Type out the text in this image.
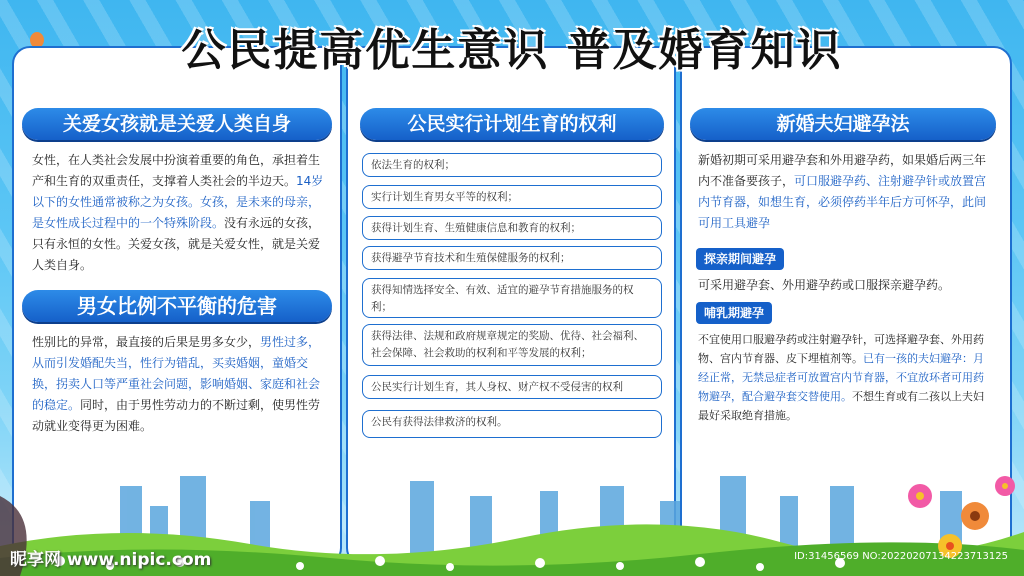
公民提高优生意识 普及婚育知识
关爱女孩就是关爱人类自身
女性，在人类社会发展中扮演着重要的角色，承担着生产和生育的双重责任，支撑着人类社会的半边天。14岁以下的女性通常被称之为女孩。女孩，是未来的母亲，是女性成长过程中的一个特殊阶段。没有永远的女孩，只有永恒的女性。关爱女孩，就是关爱女性，就是关爱人类自身。
男女比例不平衡的危害
性别比的异常，最直接的后果是男多女少，男性过多，从而引发婚配失当，性行为错乱，买卖婚姻，童婚交换，拐卖人口等严重社会问题，影响婚姻、家庭和社会的稳定。同时，由于男性劳动力的不断过剩，使男性劳动就业变得更为困难。
公民实行计划生育的权利
依法生育的权利；
实行计划生育男女平等的权利；
获得计划生育、生殖健康信息和教育的权利；
获得避孕节育技术和生殖保健服务的权利；
获得知情选择安全、有效、适宜的避孕节育措施服务的权利；
获得法律、法规和政府规章规定的奖励、优待、社会福利、社会保障、社会救助的权利和平等发展的权利；
公民实行计划生育，其人身权、财产权不受侵害的权利
公民有获得法律救济的权利。
新婚夫妇避孕法
新婚初期可采用避孕套和外用避孕药，如果婚后两三年内不准备要孩子，可口服避孕药、注射避孕针或放置宫内节育器，如想生育，必须停药半年后方可怀孕，此间可用工具避孕
探亲期间避孕
可采用避孕套、外用避孕药或口服探亲避孕药。
哺乳期避孕
不宜使用口服避孕药或注射避孕针，可选择避孕套、外用药物、宫内节育器、皮下埋植剂等。已有一孩的夫妇避孕：月经正常，无禁忌症者可放置宫内节育器，不宜放环者可用药物避孕，配合避孕套交替使用。不想生育或有二孩以上夫妇最好采取绝育措施。
昵享网 www.nipic.com	ID:31456569 NO:20220207134223713125
